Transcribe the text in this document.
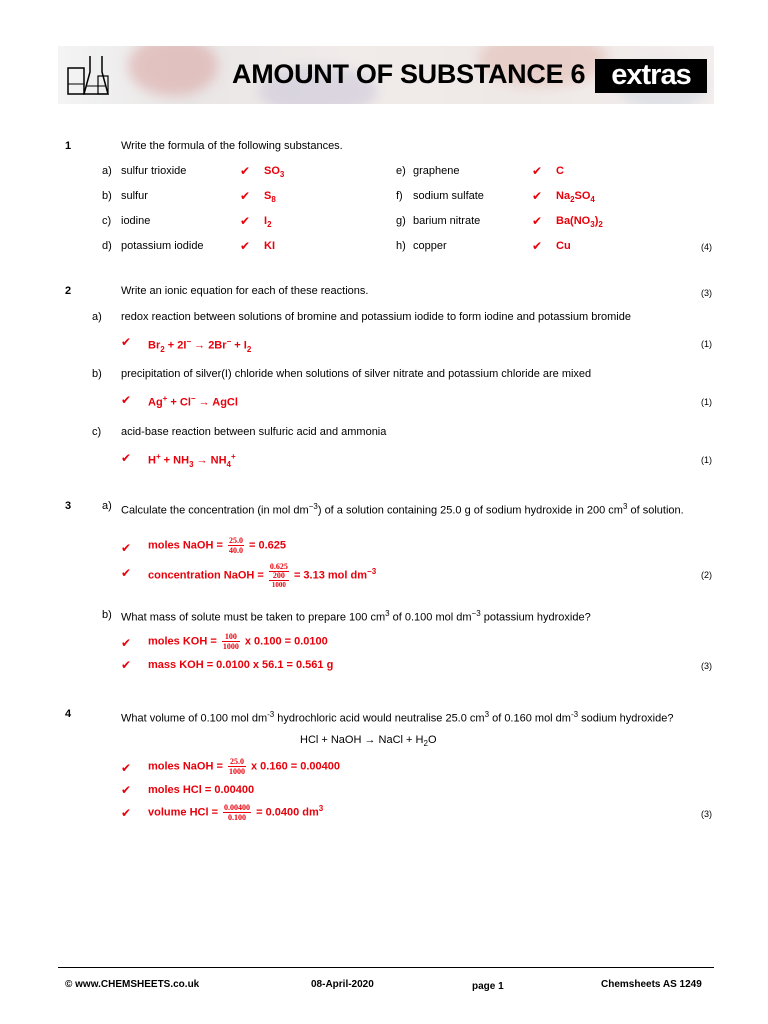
AMOUNT OF SUBSTANCE 6 extras
1	Write the formula of the following substances.
a) sulfur trioxide	✔ $SO_3$
b) sulfur	✔ $S_8$
c) iodine	✔ $I_2$
d) potassium iodide	✔ KI
e) graphene	✔ C
f) sodium sulfate	✔ $Na_2SO_4$
g) barium nitrate	✔ $Ba(NO_3)_2$
h) copper	✔ Cu	(4)
2	Write an ionic equation for each of these reactions.	(3)
a) redox reaction between solutions of bromine and potassium iodide to form iodine and potassium bromide
✔ $Br_2 + 2I^- \to 2Br^- + I_2$
(1)
b) precipitation of silver(I) chloride when solutions of silver nitrate and potassium chloride are mixed
✔ Ag+ + Cl− → AgCl	(1)
c) acid-base reaction between sulfuric acid and ammonia
✔ $H^+ + NH_3 \to NH_4^+$	(1)
3	a) Calculate the concentration (in mol $dm^{-3}$) of a solution containing 25.0 g of sodium hydroxide in 200 $cm^3$ of solution.
✔ moles NaOH = $\frac{25.0}{40.0} = 0.625$
✔ concentration NaOH =
0.625
200
1000
= 3.13 mol $dm^{-3}$	(2)
b) What mass of solute must be taken to prepare 100 $cm^3$ of 0.100 mol $dm^{-3}$ potassium hydroxide?
✔ moles KOH = $\frac{100}{1000}$ x 0.100 = 0.0100
✔ mass KOH = 0.0100 x 56.1 = 0.561 g	(3)
4	What volume of 0.100 mol $dm^{-3}$ hydrochloric acid would neutralise 25.0 $cm^3$ of 0.160 mol $dm^{-3}$ sodium hydroxide?
HCl + NaOH → NaCl + $H_2O$
✔ moles NaOH = $\frac{25.0}{1000}$ x 0.160 = 0.00400
✔ moles HCl = 0.00400
✔ volume HCl = $\frac{0.00400}{0.100} = 0.0400$ $dm^3$
(3)
© www.CHEMSHEETS.co.uk	08-April-2020	page 1	Chemsheets AS 1249
